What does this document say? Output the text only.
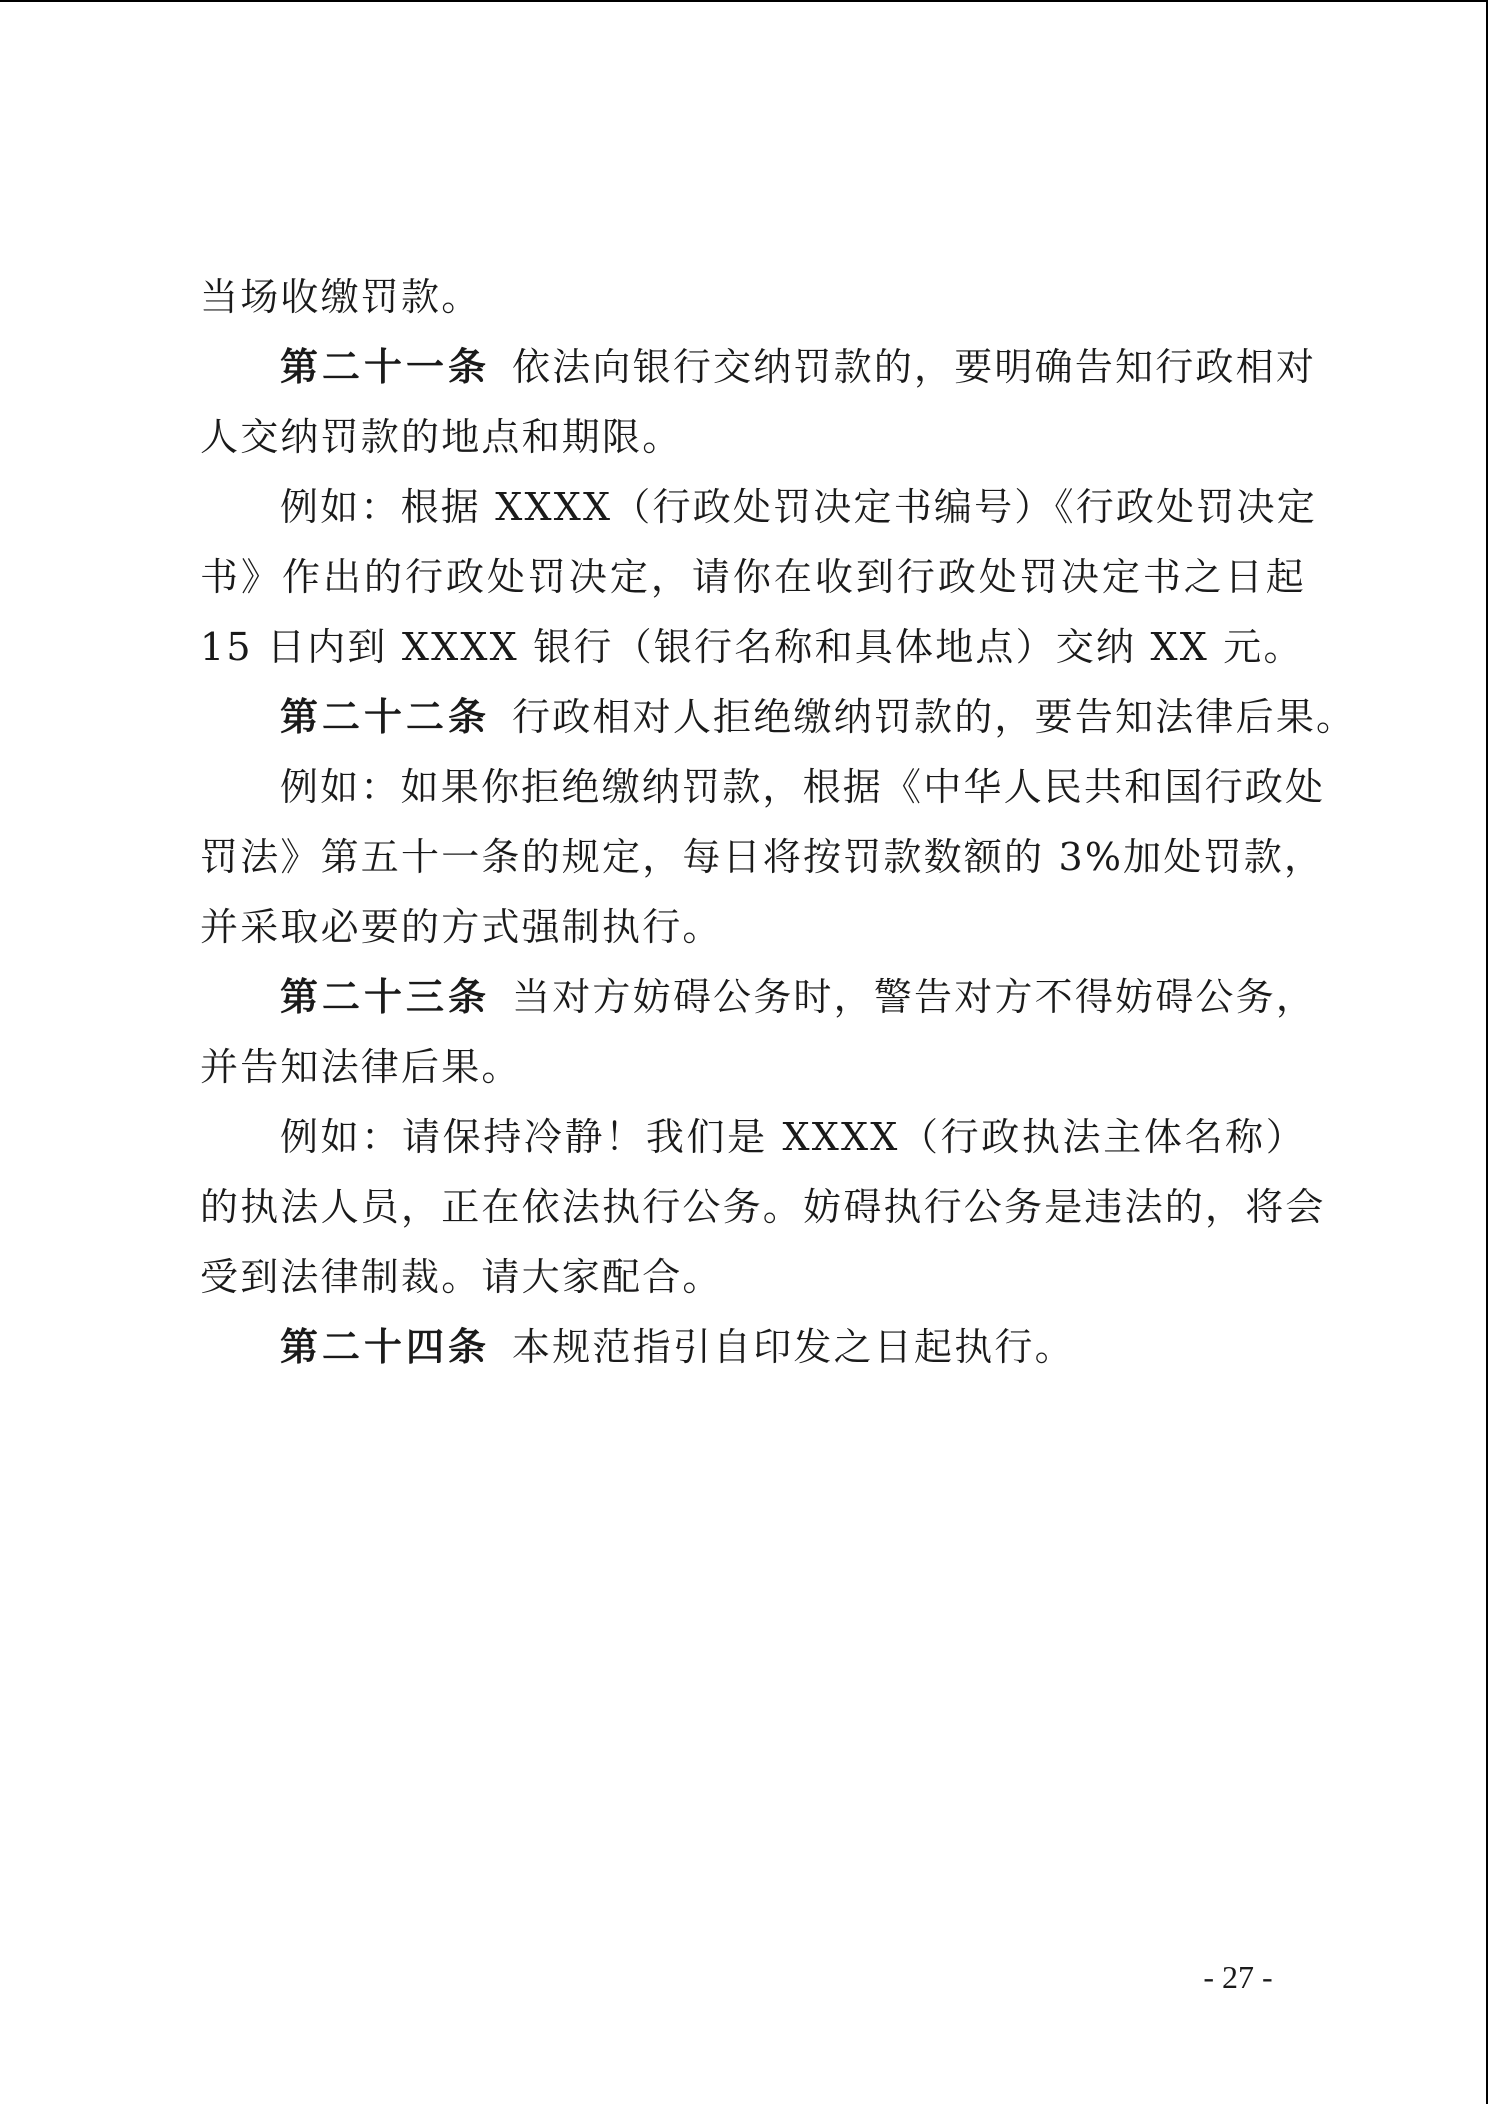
当场收缴罚款。
第二十一条 依法向银行交纳罚款的，要明确告知行政相对
人交纳罚款的地点和期限。
例如：根据 XXXX（行政处罚决定书编号）《行政处罚决定
书》作出的行政处罚决定，请你在收到行政处罚决定书之日起
15 日内到 XXXX 银行（银行名称和具体地点）交纳 XX 元。
第二十二条 行政相对人拒绝缴纳罚款的，要告知法律后果。
例如：如果你拒绝缴纳罚款，根据《中华人民共和国行政处
罚法》第五十一条的规定，每日将按罚款数额的 3%加处罚款，
并采取必要的方式强制执行。
第二十三条 当对方妨碍公务时，警告对方不得妨碍公务，
并告知法律后果。
例如：请保持冷静！我们是 XXXX（行政执法主体名称）
的执法人员，正在依法执行公务。妨碍执行公务是违法的，将会
受到法律制裁。请大家配合。
第二十四条 本规范指引自印发之日起执行。
- 27 -
